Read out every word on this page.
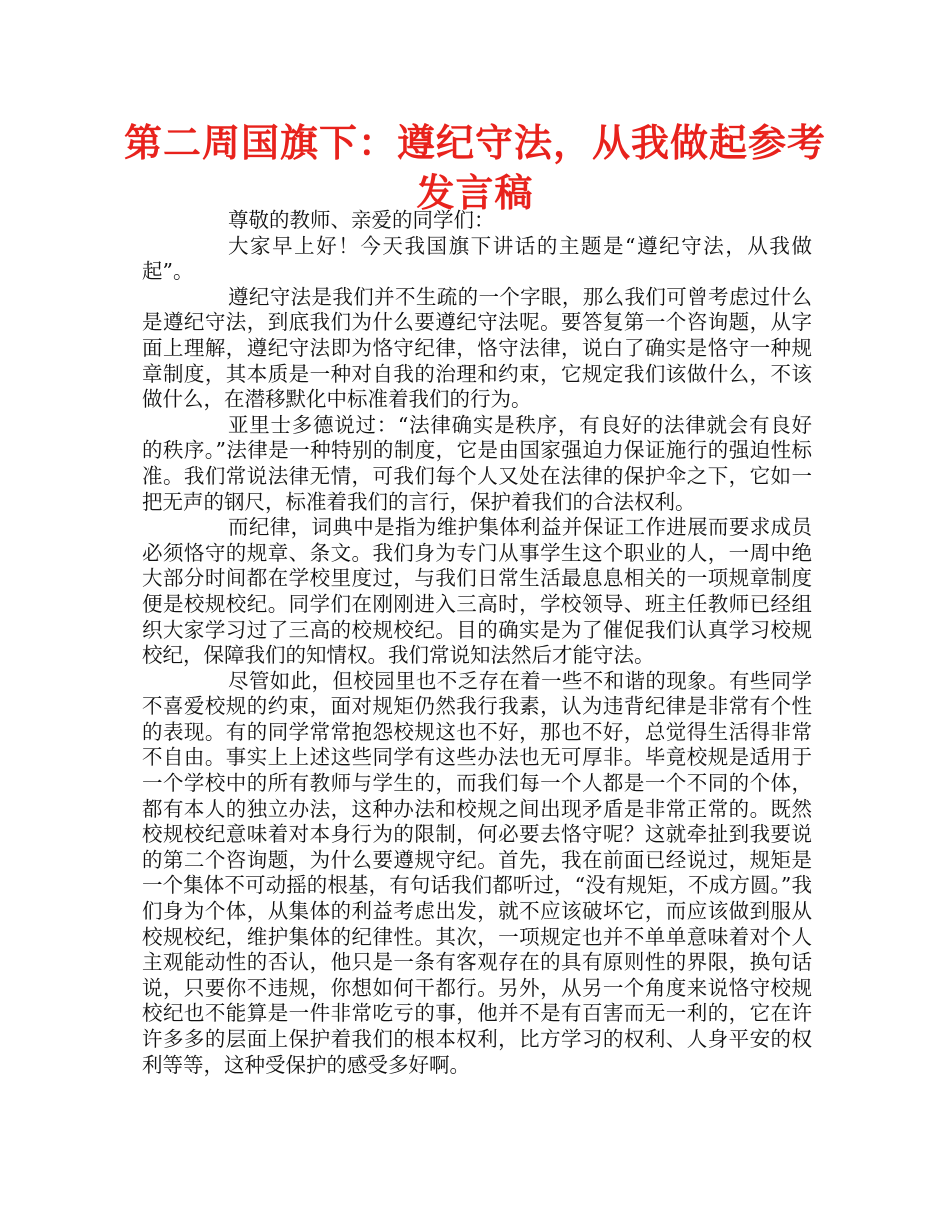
第二周国旗下：遵纪守法，从我做起参考
发言稿

尊敬的教师、亲爱的同学们：

大家早上好！今天我国旗下讲话的主题是“遵纪守法，从我做起”。

遵纪守法是我们并不生疏的一个字眼，那么我们可曾考虑过什么是遵纪守法，到底我们为什么要遵纪守法呢。要答复第一个咨询题，从字面上理解，遵纪守法即为恪守纪律，恪守法律，说白了确实是恪守一种规章制度，其本质是一种对自我的治理和约束，它规定我们该做什么，不该做什么，在潜移默化中标准着我们的行为。

亚里士多德说过：“法律确实是秩序，有良好的法律就会有良好的秩序。”法律是一种特别的制度，它是由国家强迫力保证施行的强迫性标准。我们常说法律无情，可我们每个人又处在法律的保护伞之下，它如一把无声的钢尺，标准着我们的言行，保护着我们的合法权利。

而纪律，词典中是指为维护集体利益并保证工作进展而要求成员必须恪守的规章、条文。我们身为专门从事学生这个职业的人，一周中绝大部分时间都在学校里度过，与我们日常生活最息息相关的一项规章制度便是校规校纪。同学们在刚刚进入三高时，学校领导、班主任教师已经组织大家学习过了三高的校规校纪。目的确实是为了催促我们认真学习校规校纪，保障我们的知情权。我们常说知法然后才能守法。

尽管如此，但校园里也不乏存在着一些不和谐的现象。有些同学不喜爱校规的约束，面对规矩仍然我行我素，认为违背纪律是非常有个性的表现。有的同学常常抱怨校规这也不好，那也不好，总觉得生活得非常不自由。事实上上述这些同学有这些办法也无可厚非。毕竟校规是适用于一个学校中的所有教师与学生的，而我们每一个人都是一个不同的个体，都有本人的独立办法，这种办法和校规之间出现矛盾是非常正常的。既然校规校纪意味着对本身行为的限制，何必要去恪守呢？这就牵扯到我要说的第二个咨询题，为什么要遵规守纪。首先，我在前面已经说过，规矩是一个集体不可动摇的根基，有句话我们都听过，“没有规矩，不成方圆。”我们身为个体，从集体的利益考虑出发，就不应该破坏它，而应该做到服从校规校纪，维护集体的纪律性。其次，一项规定也并不单单意味着对个人主观能动性的否认，他只是一条有客观存在的具有原则性的界限，换句话说，只要你不违规，你想如何干都行。另外，从另一个角度来说恪守校规校纪也不能算是一件非常吃亏的事，他并不是有百害而无一利的，它在许许多多的层面上保护着我们的根本权利，比方学习的权利、人身平安的权利等等，这种受保护的感受多好啊。
